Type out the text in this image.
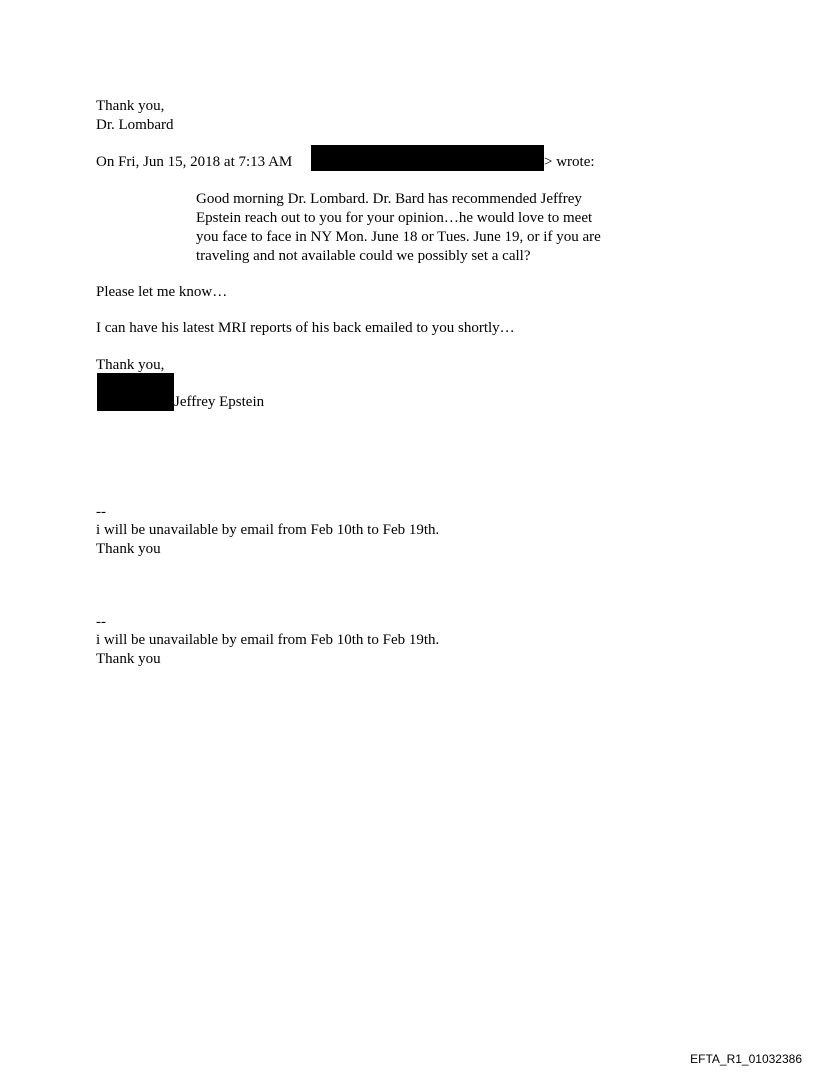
Thank you,
Dr. Lombard
On Fri, Jun 15, 2018 at 7:13 AM	> wrote:

Good morning Dr. Lombard. Dr. Bard has recommended Jeffrey

Epstein reach out to you for your opinion…he would love to meet

you face to face in NY Mon. June 18 or Tues. June 19, or if you are

traveling and not available could we possibly set a call?

Please let me know…
I can have his latest MRI reports of his back emailed to you shortly…
Thank you,
Jeffrey Epstein
--
i will be unavailable by email from Feb 10th to Feb 19th.
Thank you
--
i will be unavailable by email from Feb 10th to Feb 19th.
Thank you
EFTA_R1_01032386
